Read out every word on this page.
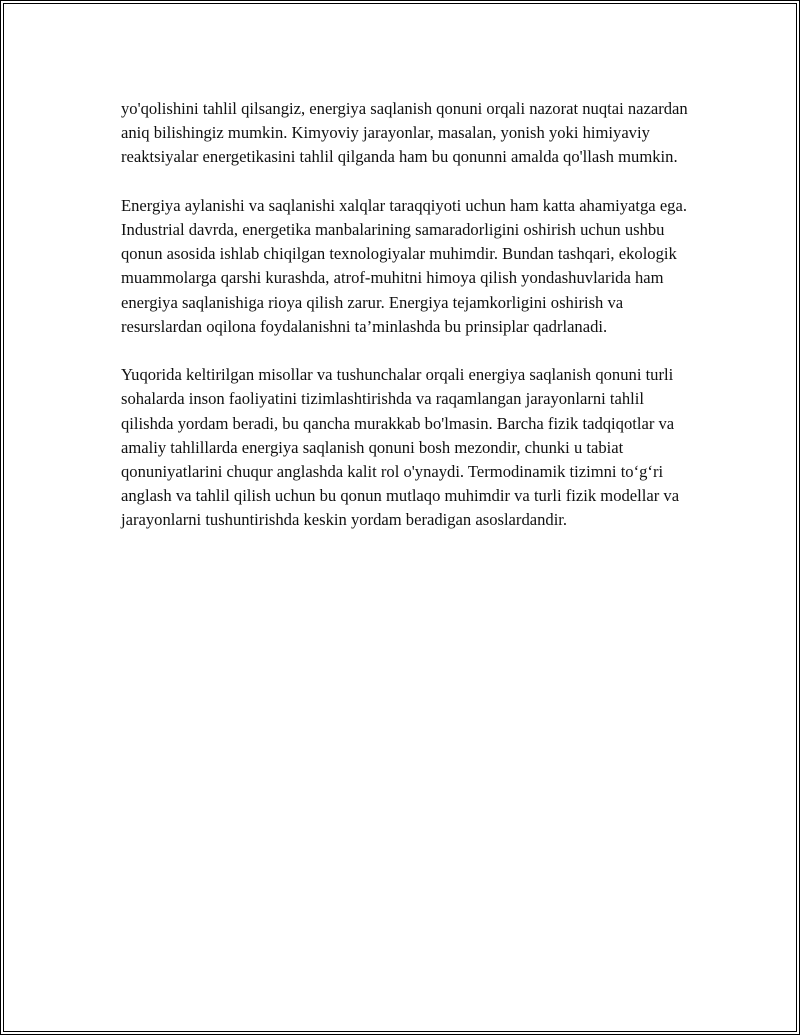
yo'qolishini tahlil qilsangiz, energiya saqlanish qonuni orqali nazorat nuqtai nazardan aniq bilishingiz mumkin. Kimyoviy jarayonlar, masalan, yonish yoki himiyaviy reaktsiyalar energetikasini tahlil qilganda ham bu qonunni amalda qo'llash mumkin.

Energiya aylanishi va saqlanishi xalqlar taraqqiyoti uchun ham katta ahamiyatga ega. Industrial davrda, energetika manbalarining samaradorligini oshirish uchun ushbu qonun asosida ishlab chiqilgan texnologiyalar muhimdir. Bundan tashqari, ekologik muammolarga qarshi kurashda, atrof-muhitni himoya qilish yondashuvlarida ham energiya saqlanishiga rioya qilish zarur. Energiya tejamkorligini oshirish va resurslardan oqilona foydalanishni ta’minlashda bu prinsiplar qadrlanadi.

Yuqorida keltirilgan misollar va tushunchalar orqali energiya saqlanish qonuni turli sohalarda inson faoliyatini tizimlashtirishda va raqamlangan jarayonlarni tahlil qilishda yordam beradi, bu qancha murakkab bo'lmasin. Barcha fizik tadqiqotlar va amaliy tahlillarda energiya saqlanish qonuni bosh mezondir, chunki u tabiat qonuniyatlarini chuqur anglashda kalit rol o'ynaydi. Termodinamik tizimni to‘g‘ri anglash va tahlil qilish uchun bu qonun mutlaqo muhimdir va turli fizik modellar va jarayonlarni tushuntirishda keskin yordam beradigan asoslardandir.
